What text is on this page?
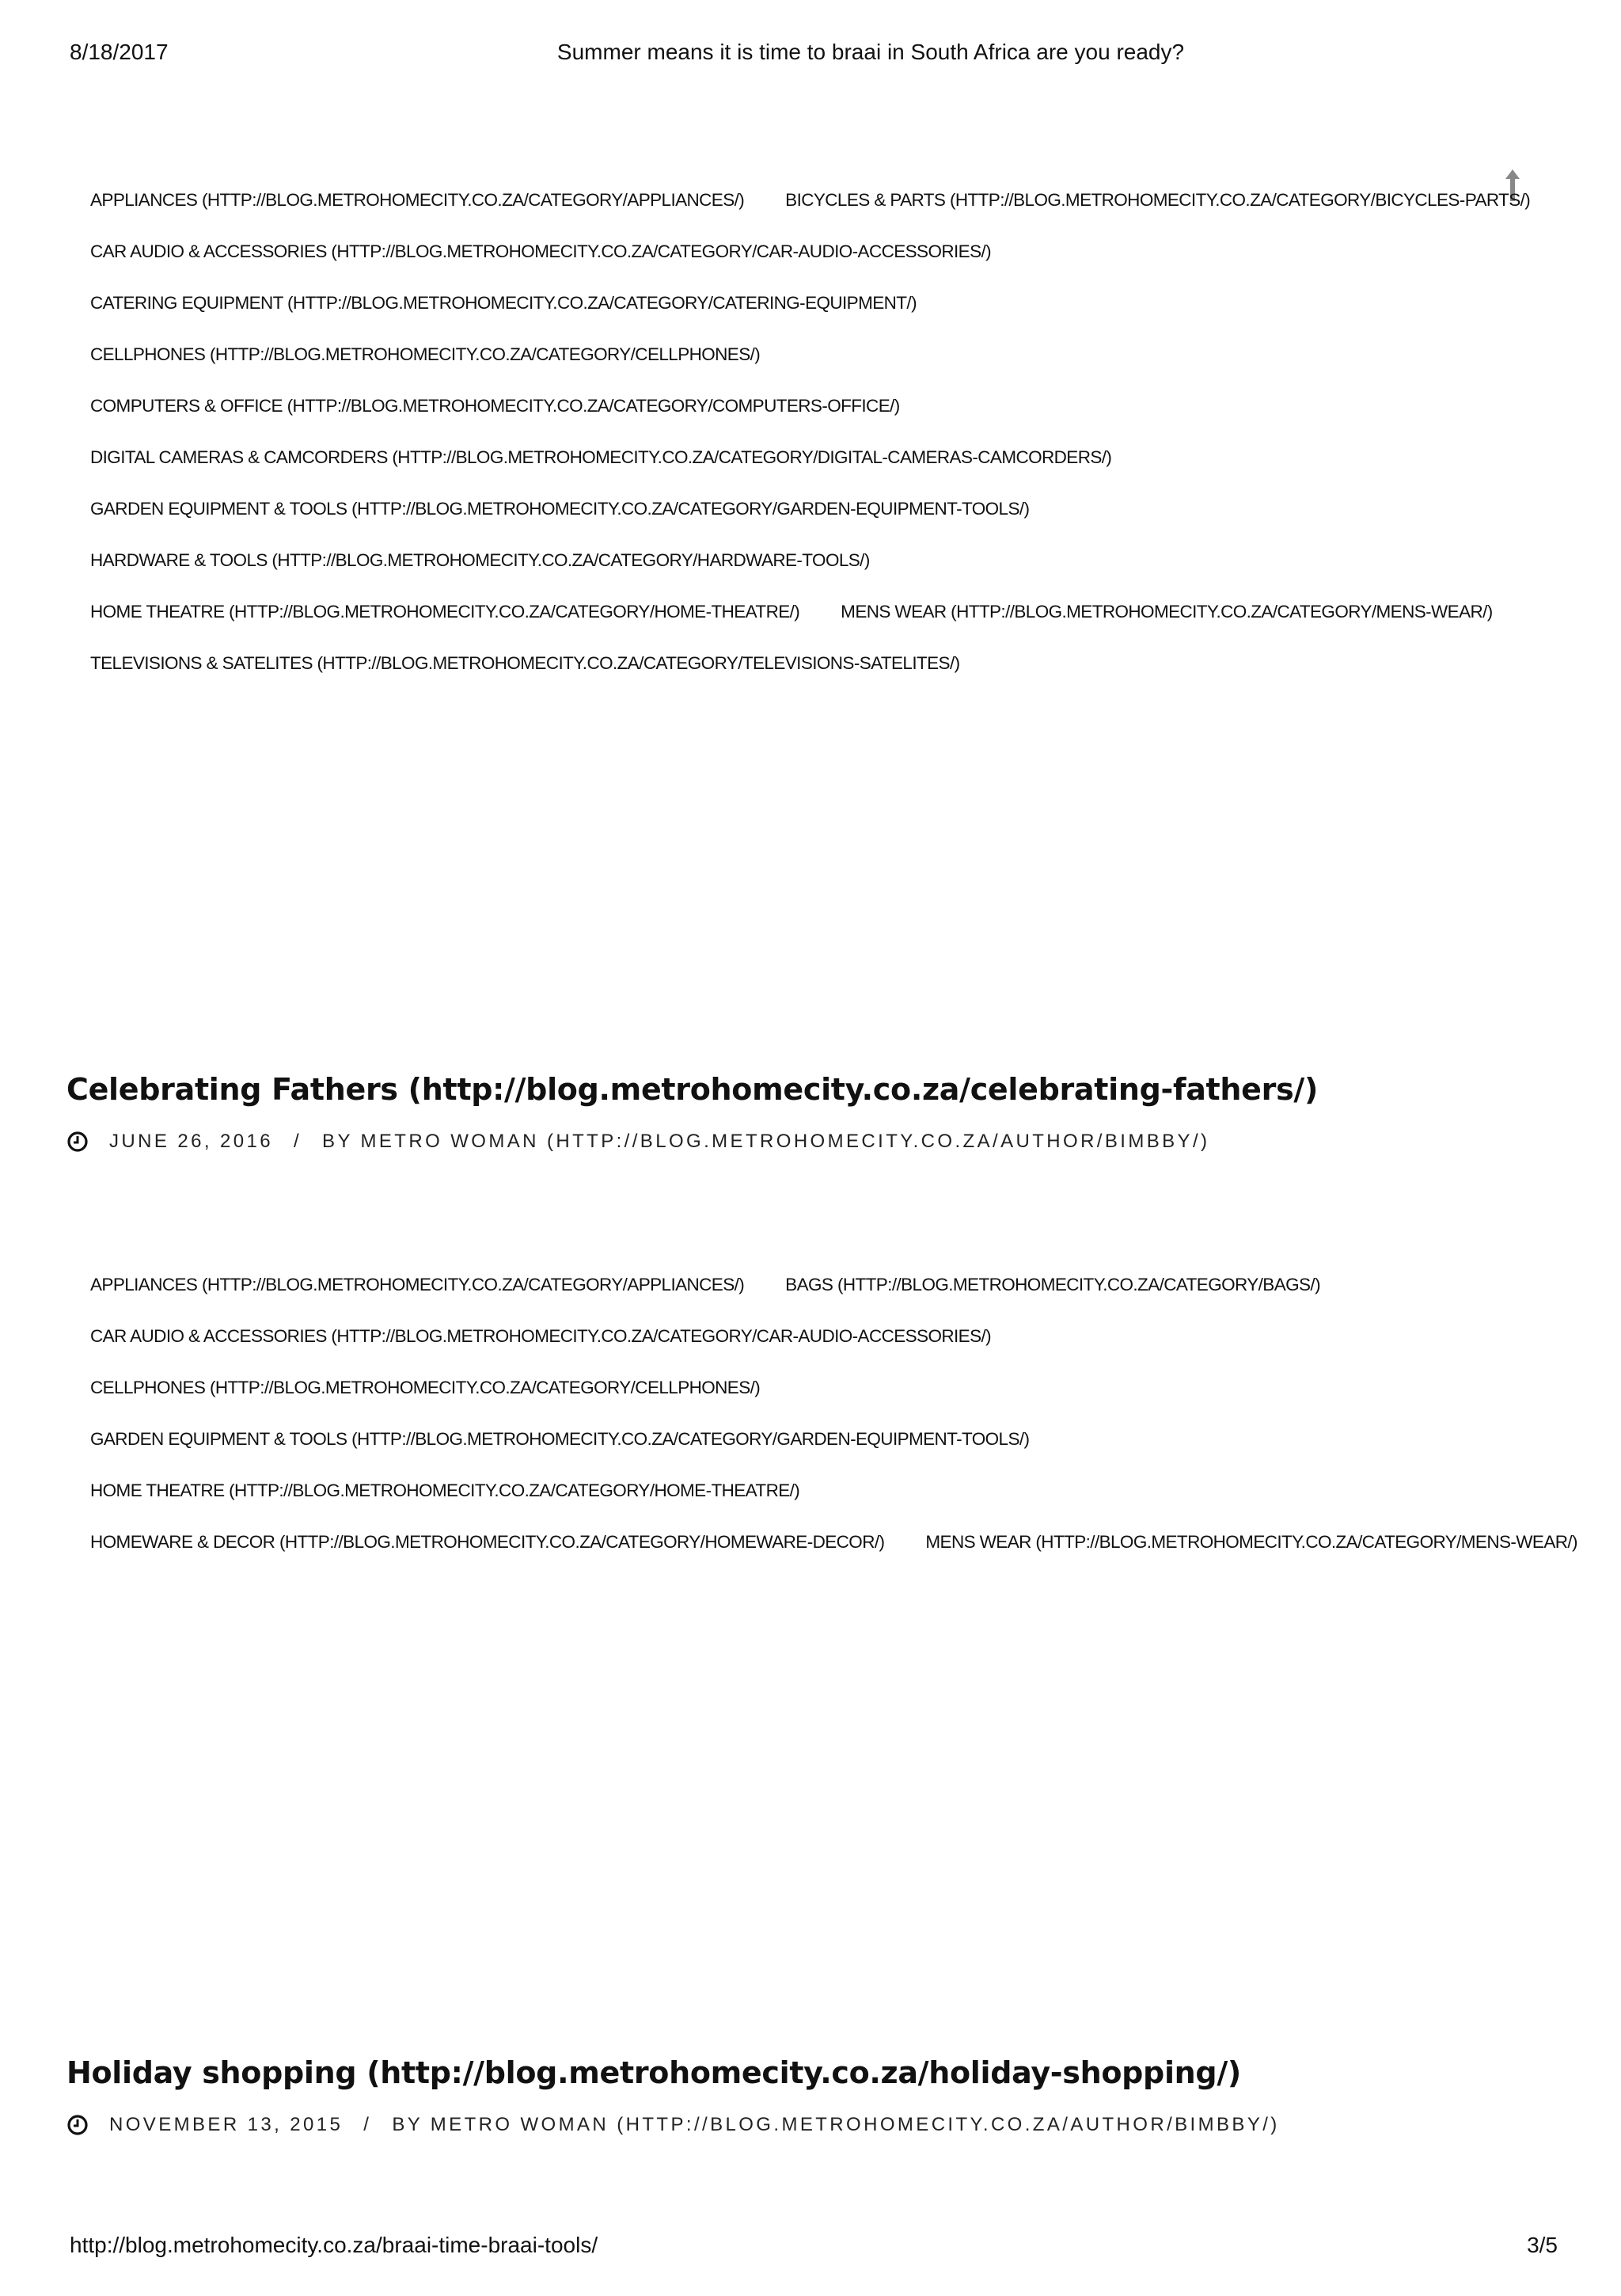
8/18/2017	Summer means it is time to braai in South Africa are you ready?
APPLIANCES (HTTP://BLOG.METROHOMECITY.CO.ZA/CATEGORY/APPLIANCES/) BICYCLES & PARTS (HTTP://BLOG.METROHOMECITY.CO.ZA/CATEGORY/BICYCLES-PARTS/)
CAR AUDIO & ACCESSORIES (HTTP://BLOG.METROHOMECITY.CO.ZA/CATEGORY/CAR-AUDIO-ACCESSORIES/)
CATERING EQUIPMENT (HTTP://BLOG.METROHOMECITY.CO.ZA/CATEGORY/CATERING-EQUIPMENT/)
CELLPHONES (HTTP://BLOG.METROHOMECITY.CO.ZA/CATEGORY/CELLPHONES/)
COMPUTERS & OFFICE (HTTP://BLOG.METROHOMECITY.CO.ZA/CATEGORY/COMPUTERS-OFFICE/)
DIGITAL CAMERAS & CAMCORDERS (HTTP://BLOG.METROHOMECITY.CO.ZA/CATEGORY/DIGITAL-CAMERAS-CAMCORDERS/)
GARDEN EQUIPMENT & TOOLS (HTTP://BLOG.METROHOMECITY.CO.ZA/CATEGORY/GARDEN-EQUIPMENT-TOOLS/)
HARDWARE & TOOLS (HTTP://BLOG.METROHOMECITY.CO.ZA/CATEGORY/HARDWARE-TOOLS/)
HOME THEATRE (HTTP://BLOG.METROHOMECITY.CO.ZA/CATEGORY/HOME-THEATRE/) MENS WEAR (HTTP://BLOG.METROHOMECITY.CO.ZA/CATEGORY/MENS-WEAR/)
TELEVISIONS & SATELITES (HTTP://BLOG.METROHOMECITY.CO.ZA/CATEGORY/TELEVISIONS-SATELITES/)
Celebrating Fathers (http://blog.metrohomecity.co.za/celebrating-fathers/)
JUNE 26, 2016 / BY METRO WOMAN (HTTP://BLOG.METROHOMECITY.CO.ZA/AUTHOR/BIMBBY/)
APPLIANCES (HTTP://BLOG.METROHOMECITY.CO.ZA/CATEGORY/APPLIANCES/) BAGS (HTTP://BLOG.METROHOMECITY.CO.ZA/CATEGORY/BAGS/)
CAR AUDIO & ACCESSORIES (HTTP://BLOG.METROHOMECITY.CO.ZA/CATEGORY/CAR-AUDIO-ACCESSORIES/)
CELLPHONES (HTTP://BLOG.METROHOMECITY.CO.ZA/CATEGORY/CELLPHONES/)
GARDEN EQUIPMENT & TOOLS (HTTP://BLOG.METROHOMECITY.CO.ZA/CATEGORY/GARDEN-EQUIPMENT-TOOLS/)
HOME THEATRE (HTTP://BLOG.METROHOMECITY.CO.ZA/CATEGORY/HOME-THEATRE/)
HOMEWARE & DECOR (HTTP://BLOG.METROHOMECITY.CO.ZA/CATEGORY/HOMEWARE-DECOR/) MENS WEAR (HTTP://BLOG.METROHOMECITY.CO.ZA/CATEGORY/MENS-WEAR/)
Holiday shopping (http://blog.metrohomecity.co.za/holiday-shopping/)
NOVEMBER 13, 2015 / BY METRO WOMAN (HTTP://BLOG.METROHOMECITY.CO.ZA/AUTHOR/BIMBBY/)
http://blog.metrohomecity.co.za/braai-time-braai-tools/	3/5
